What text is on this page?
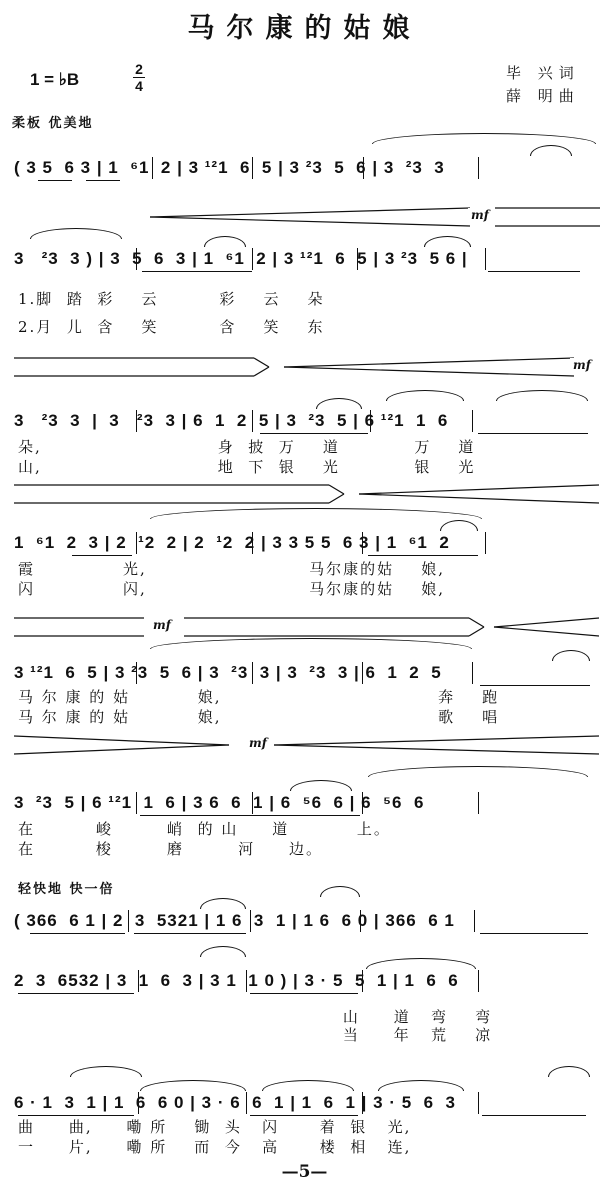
马尔康的姑娘
1 = ♭B
2
4
毕 兴词
薛 明曲
柔板 优美地
( 3 5  6 3 | 1  ⁶1  2 | 3 ¹²1  6  5 | 3 ²3  5  6 | 3  ²3  3
mf
3   ²3  3 ) | 3  5  6  3 | 1  ⁶1  2 | 3 ¹²1  6  5 | 3 ²3  5 6 |
1.脚  踏  彩    云         彩    云    朵
2.月  儿  含    笑         含    笑    东
mf
3   ²3  3  |  3   ²3  3 | 6  1  2  5 | 3  ²3  5 | 6 ¹²1  1  6
朵,                          身  披  万    道           万    道
山,                          地  下  银    光           银    光
1  ⁶1  2  3 | 2  ¹2  2 | 2  ¹2  2 | 3 3 5 5  6 3 | 1  ⁶1  2
霞             光,                        马尔康的姑    娘,
闪             闪,                        马尔康的姑    娘,
mf
3 ¹²1  6  5 | 3 ²3  5  6 | 3  ²3  3 | 3  ²3  3 | 6  1  2  5
马 尔 康 的 姑          娘,                                奔    跑
马 尔 康 的 姑          娘,                                歌    唱
mf
3  ²3  5 | 6 ¹²1  1  6 | 3 6  6  1 | 6  ⁵6  6 | 6  ⁵6  6
在         峻        峭  的 山     道          上。
在         梭        磨        河     边。
轻快地 快一倍
( 366  6 1 | 2  3  5321 | 1 6  3  1 | 1 6  6 0 | 366  6 1
2  3  6532 | 3  1  6  3 | 3 1  1 0 ) | 3 · 5  5  1 | 1  6  6
山     道   弯    弯
当     年   荒    凉
6 · 1  3  1 | 1  6  6 0 | 3 · 6  6  1 | 1  6  1 | 3 · 5  6  3
曲     曲,     嘞 所    锄  头   闪      着  银   光,
一     片,     嘞 所    而  今   高      楼  相   连,
—5—
